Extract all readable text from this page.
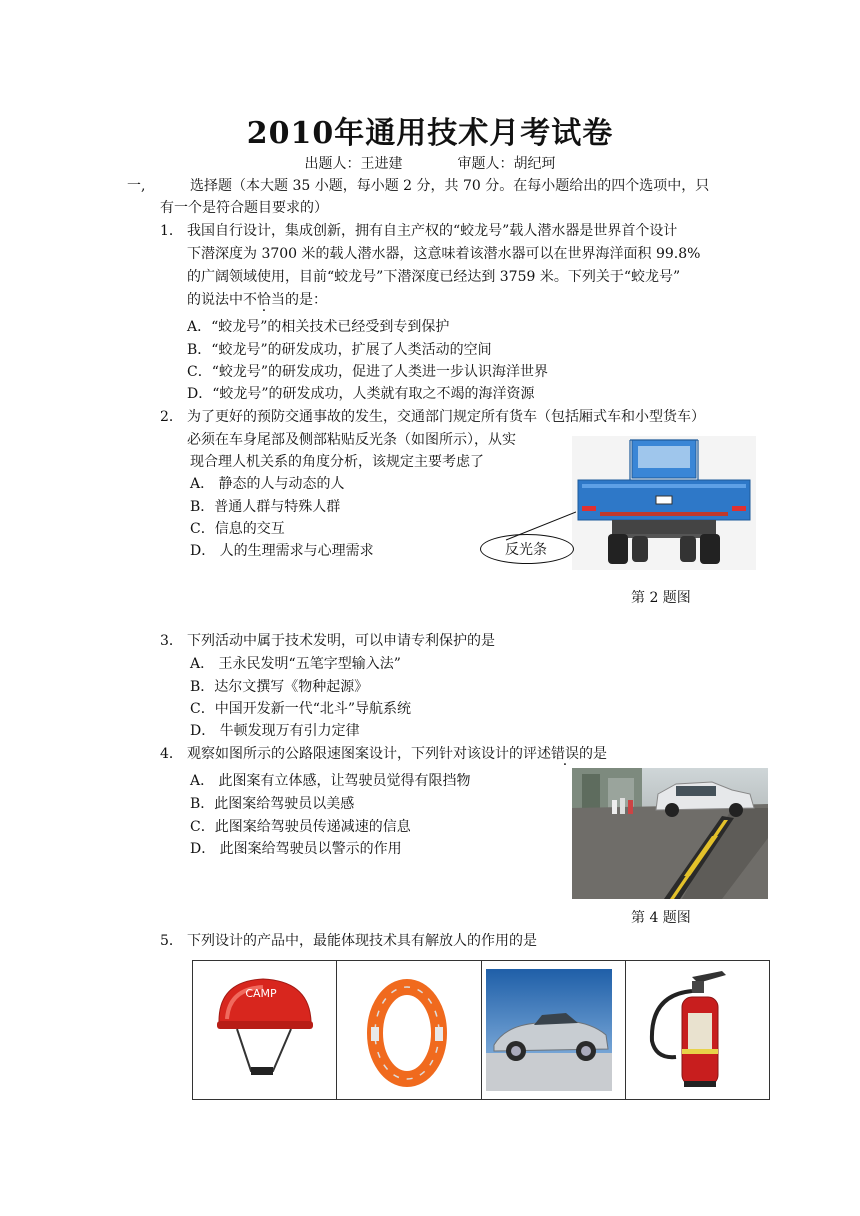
2010年通用技术月考试卷
出题人：王进建	审题人：胡纪珂
一,	选择题（本大题 35 小题，每小题 2 分，共 70 分。在每小题给出的四个选项中，只
有一个是符合题目要求的）
1． 我国自行设计，集成创新，拥有自主产权的“蛟龙号”载人潜水器是世界首个设计
下潜深度为 3700 米的载人潜水器，这意味着该潜水器可以在世界海洋面积 99.8%
的广阔领域使用，目前“蛟龙号”下潜深度已经达到 3759 米。下列关于“蛟龙号”
的说法中不恰当的是：
A．“蛟龙号”的相关技术已经受到专到保护
B．“蛟龙号”的研发成功，扩展了人类活动的空间
C．“蛟龙号”的研发成功，促进了人类进一步认识海洋世界
D．“蛟龙号”的研发成功，人类就有取之不竭的海洋资源
2． 为了更好的预防交通事故的发生，交通部门规定所有货车（包括厢式车和小型货车）
必须在车身尾部及侧部粘贴反光条（如图所示），从实
现合理人机关系的角度分析，该规定主要考虑了
A． 静态的人与动态的人
B．普通人群与特殊人群
C．信息的交互
D． 人的生理需求与心理需求	反光条
第 2 题图
3． 下列活动中属于技术发明，可以申请专利保护的是
A． 王永民发明“五笔字型输入法”
B．达尔文撰写《物种起源》
C．中国开发新一代“北斗”导航系统
D． 牛顿发现万有引力定律
4． 观察如图所示的公路限速图案设计，下列针对该设计的评述错误的是
A． 此图案有立体感，让驾驶员觉得有限挡物
B．此图案给驾驶员以美感
C．此图案给驾驶员传递减速的信息
D． 此图案给驾驶员以警示的作用
第 4 题图
5． 下列设计的产品中，最能体现技术具有解放人的作用的是
CAMP
